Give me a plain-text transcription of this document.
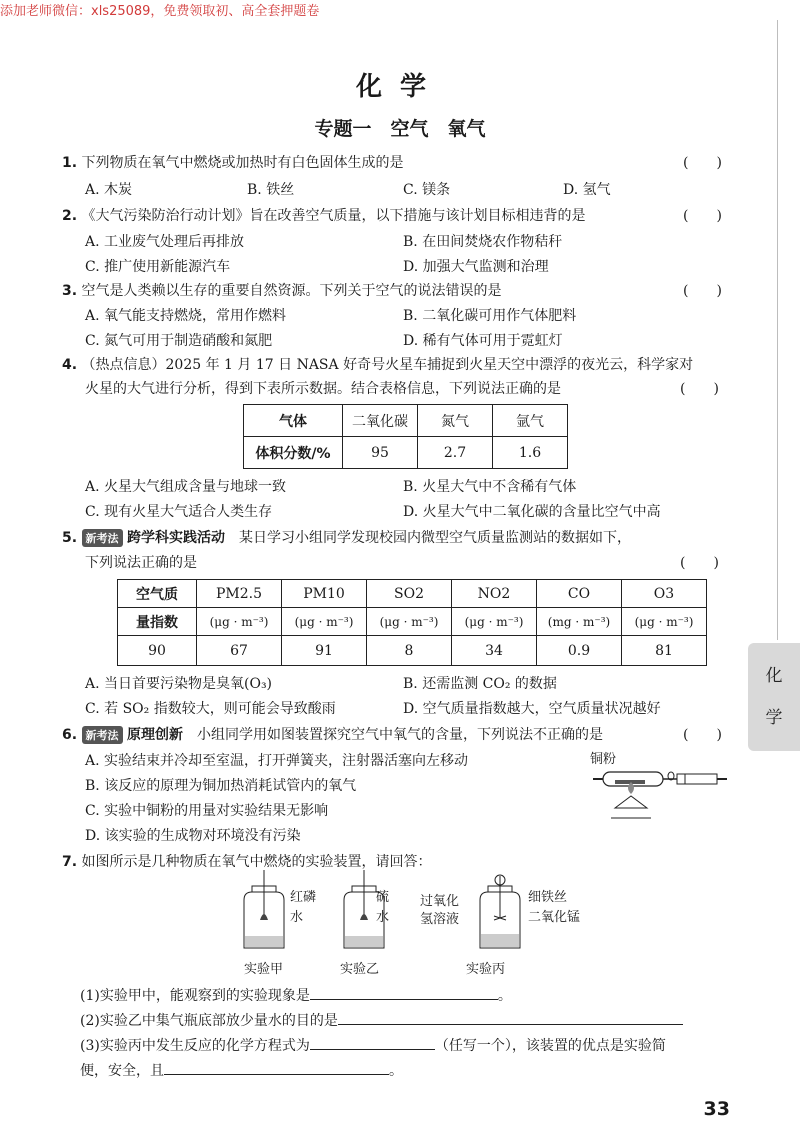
添加老师微信：xls25089，免费领取初、高全套押题卷
化
学
化学
专题一　空气　氧气
1. 下列物质在氧气中燃烧或加热时有白色固体生成的是	(　　)
A. 木炭	B. 铁丝	C. 镁条	D. 氢气
2. 《大气污染防治行动计划》旨在改善空气质量，以下措施与该计划目标相违背的是	(　　)
A. 工业废气处理后再排放	B. 在田间焚烧农作物秸秆
C. 推广使用新能源汽车	D. 加强大气监测和治理
3. 空气是人类赖以生存的重要自然资源。下列关于空气的说法错误的是	(　　)
A. 氧气能支持燃烧，常用作燃料	B. 二氧化碳可用作气体肥料
C. 氮气可用于制造硝酸和氮肥	D. 稀有气体可用于霓虹灯
4. （热点信息）2025 年 1 月 17 日 NASA 好奇号火星车捕捉到火星天空中漂浮的夜光云，科学家对
火星的大气进行分析，得到下表所示数据。结合表格信息，下列说法正确的是	(　　)
气体	二氧化碳	氮气	氩气
体积分数/%	95	2.7	1.6
A. 火星大气组成含量与地球一致	B. 火星大气中不含稀有气体
C. 现有火星大气适合人类生存	D. 火星大气中二氧化碳的含量比空气中高
5. 新考法 跨学科实践活动　 某日学习小组同学发现校园内微型空气质量监测站的数据如下，
下列说法正确的是	(　　)
空气质	PM2.5	PM10	SO2	NO2	CO	O3
量指数	(μg · m⁻³)	(μg · m⁻³)	(μg · m⁻³)	(μg · m⁻³)	(mg · m⁻³)	(μg · m⁻³)
90	67	91	8	34	0.9	81
A. 当日首要污染物是臭氧(O₃)	B. 还需监测 CO₂ 的数据
C. 若 SO₂ 指数较大，则可能会导致酸雨	D. 空气质量指数越大，空气质量状况越好
6. 新考法 原理创新　 小组同学用如图装置探究空气中氧气的含量，下列说法不正确的是	(　　)
A. 实验结束并冷却至室温，打开弹簧夹，注射器活塞向左移动
B. 该反应的原理为铜加热消耗试管内的氧气
C. 实验中铜粉的用量对实验结果无影响
D. 该实验的生成物对环境没有污染
铜粉
7. 如图所示是几种物质在氧气中燃烧的实验装置，请回答：
红磷
水
硫
水
过氧化
氢溶液
细铁丝
二氧化锰
实验甲	实验乙	实验丙
(1)实验甲中，能观察到的实验现象是	。
(2)实验乙中集气瓶底部放少量水的目的是
(3)实验丙中发生反应的化学方程式为	（任写一个），该装置的优点是实验简
便，安全，且	。
33
